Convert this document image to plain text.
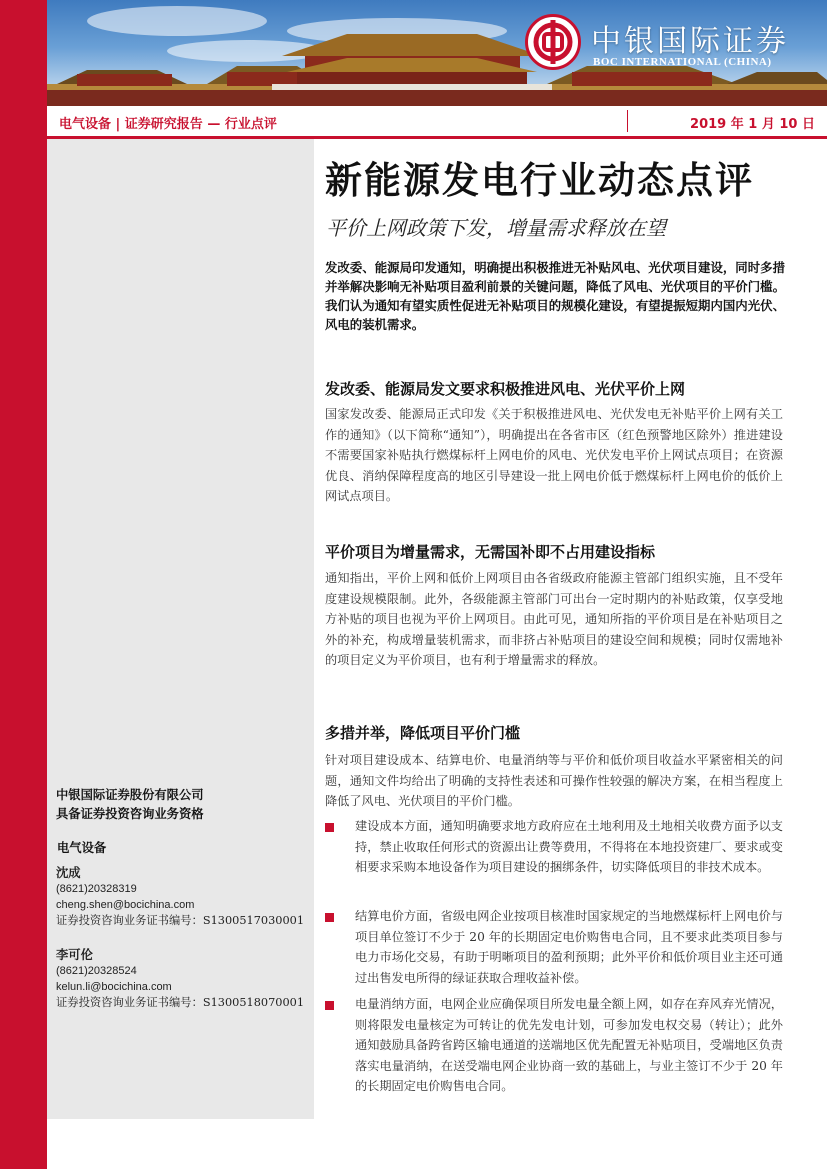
中银国际证券
BOC INTERNATIONAL (CHINA)
电气设备 | 证券研究报告 — 行业点评	2019 年 1 月 10 日
新能源发电行业动态点评
平价上网政策下发，增量需求释放在望
发改委、能源局印发通知，明确提出积极推进无补贴风电、光伏项目建设，同时多措并举解决影响无补贴项目盈利前景的关键问题，降低了风电、光伏项目的平价门槛。我们认为通知有望实质性促进无补贴项目的规模化建设，有望提振短期内国内光伏、风电的装机需求。
发改委、能源局发文要求积极推进风电、光伏平价上网
国家发改委、能源局正式印发《关于积极推进风电、光伏发电无补贴平价上网有关工作的通知》（以下简称“通知”），明确提出在各省市区（红色预警地区除外）推进建设不需要国家补贴执行燃煤标杆上网电价的风电、光伏发电平价上网试点项目；在资源优良、消纳保障程度高的地区引导建设一批上网电价低于燃煤标杆上网电价的低价上网试点项目。
平价项目为增量需求，无需国补即不占用建设指标
通知指出，平价上网和低价上网项目由各省级政府能源主管部门组织实施，且不受年度建设规模限制。此外，各级能源主管部门可出台一定时期内的补贴政策，仅享受地方补贴的项目也视为平价上网项目。由此可见，通知所指的平价项目是在补贴项目之外的补充，构成增量装机需求，而非挤占补贴项目的建设空间和规模；同时仅需地补的项目定义为平价项目，也有利于增量需求的释放。
多措并举，降低项目平价门槛
针对项目建设成本、结算电价、电量消纳等与平价和低价项目收益水平紧密相关的问题，通知文件均给出了明确的支持性表述和可操作性较强的解决方案，在相当程度上降低了风电、光伏项目的平价门槛。
建设成本方面，通知明确要求地方政府应在土地利用及土地相关收费方面予以支持，禁止收取任何形式的资源出让费等费用，不得将在本地投资建厂、要求或变相要求采购本地设备作为项目建设的捆绑条件，切实降低项目的非技术成本。
结算电价方面，省级电网企业按项目核准时国家规定的当地燃煤标杆上网电价与项目单位签订不少于 20 年的长期固定电价购售电合同，且不要求此类项目参与电力市场化交易，有助于明晰项目的盈利预期；此外平价和低价项目业主还可通过出售发电所得的绿证获取合理收益补偿。
电量消纳方面，电网企业应确保项目所发电量全额上网，如存在弃风弃光情况，则将限发电量核定为可转让的优先发电计划，可参加发电权交易（转让）；此外通知鼓励具备跨省跨区输电通道的送端地区优先配置无补贴项目，受端地区负责落实电量消纳，在送受端电网企业协商一致的基础上，与业主签订不少于 20 年的长期固定电价购售电合同。
中银国际证券股份有限公司
具备证券投资咨询业务资格
电气设备
沈成
(8621)20328319
cheng.shen@bocichina.com
证券投资咨询业务证书编号：S1300517030001
李可伦
(8621)20328524
kelun.li@bocichina.com
证券投资咨询业务证书编号：S1300518070001
